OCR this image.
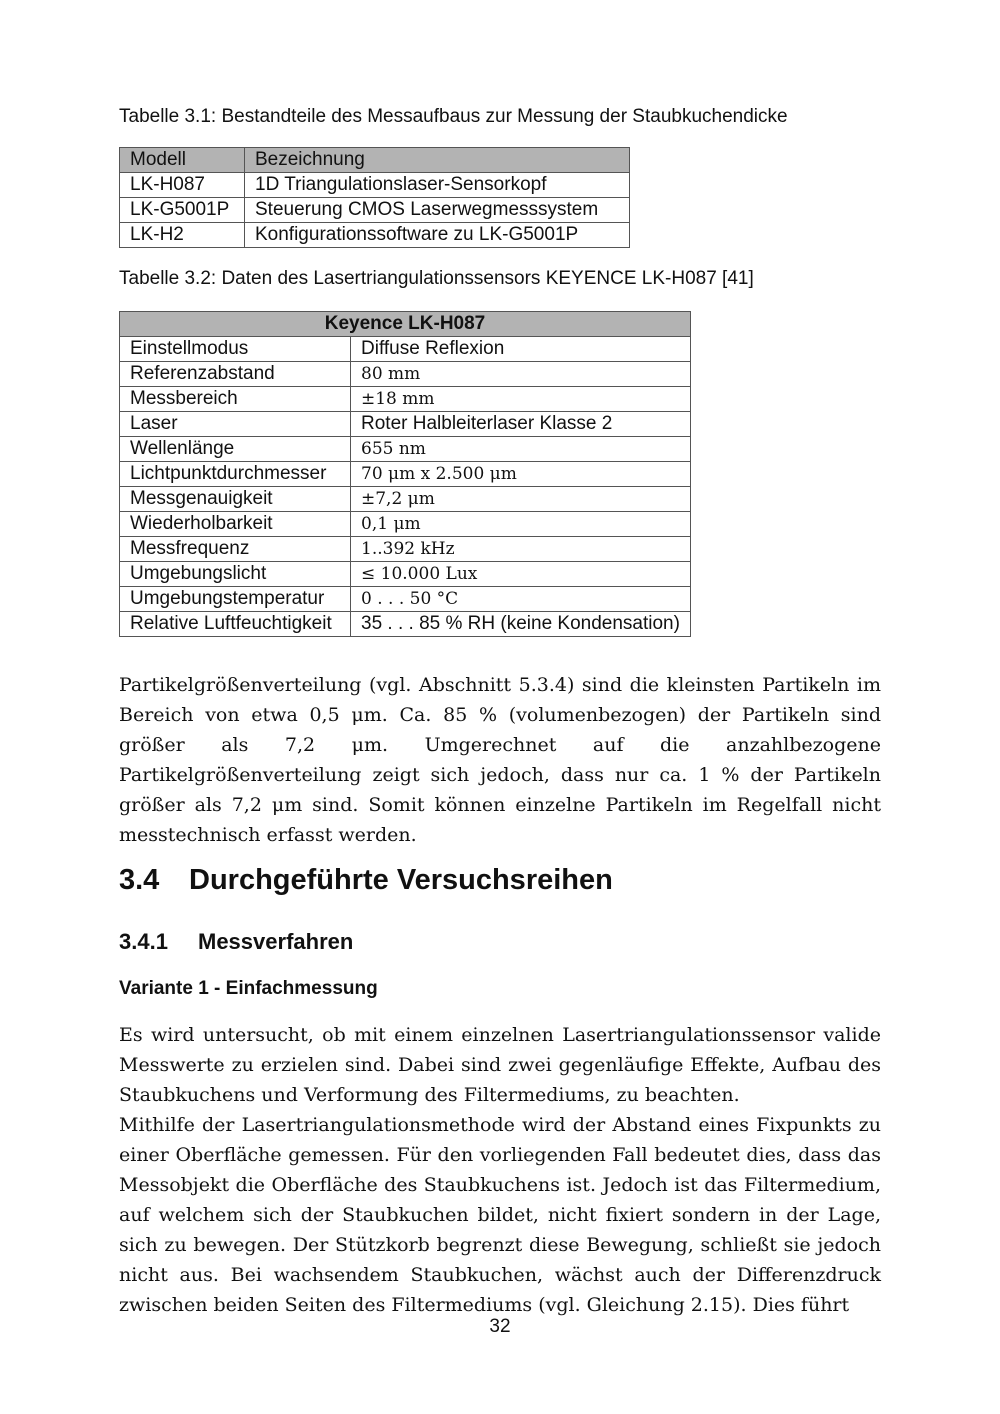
Tabelle 3.1: Bestandteile des Messaufbaus zur Messung der Staubkuchendicke
Modell	Bezeichnung
LK-H087	1D Triangulationslaser-Sensorkopf
LK-G5001P	Steuerung CMOS Laserwegmesssystem
LK-H2	Konfigurationssoftware zu LK-G5001P
Tabelle 3.2: Daten des Lasertriangulationssensors KEYENCE LK-H087 [41]
Keyence LK-H087	
Einstellmodus	Diffuse Reflexion
Referenzabstand	80 mm
Messbereich	±18 mm
Laser	Roter Halbleiterlaser Klasse 2
Wellenlänge	655 nm
Lichtpunktdurchmesser	70 μm x 2.500 μm
Messgenauigkeit	±7,2 μm
Wiederholbarkeit	0,1 μm
Messfrequenz	1..392 kHz
Umgebungslicht	≤ 10.000 Lux
Umgebungstemperatur	0 . . . 50 °C
Relative Luftfeuchtigkeit	35 . . . 85 % RH (keine Kondensation)

Partikelgrößenverteilung (vgl. Abschnitt 5.3.4) sind die kleinsten Partikeln im Bereich von etwa 0,5 μm. Ca. 85 % (volumenbezogen) der Partikeln sind größer als 7,2 μm. Umgerechnet auf die anzahlbezogene Partikelgrößenverteilung zeigt sich jedoch, dass nur ca. 1 % der Partikeln größer als 7,2 μm sind. Somit können einzelne Partikeln im Regelfall nicht messtechnisch erfasst werden.

3.4 Durchgeführte Versuchsreihen
3.4.1 Messverfahren
Variante 1 - Einfachmessung

Es wird untersucht, ob mit einem einzelnen Lasertriangulationssensor valide Messwerte zu erzielen sind. Dabei sind zwei gegenläufige Effekte, Aufbau des Staubkuchens und Verformung des Filtermediums, zu beachten.

Mithilfe der Lasertriangulationsmethode wird der Abstand eines Fixpunkts zu einer Oberfläche gemessen. Für den vorliegenden Fall bedeutet dies, dass das Messobjekt die Oberfläche des Staubkuchens ist. Jedoch ist das Filtermedium, auf welchem sich der Staubkuchen bildet, nicht fixiert sondern in der Lage, sich zu bewegen. Der Stützkorb begrenzt diese Bewegung, schließt sie jedoch nicht aus. Bei wachsendem Staubkuchen, wächst auch der Differenzdruck zwischen beiden Seiten des Filtermediums (vgl. Gleichung 2.15). Dies führt

32
